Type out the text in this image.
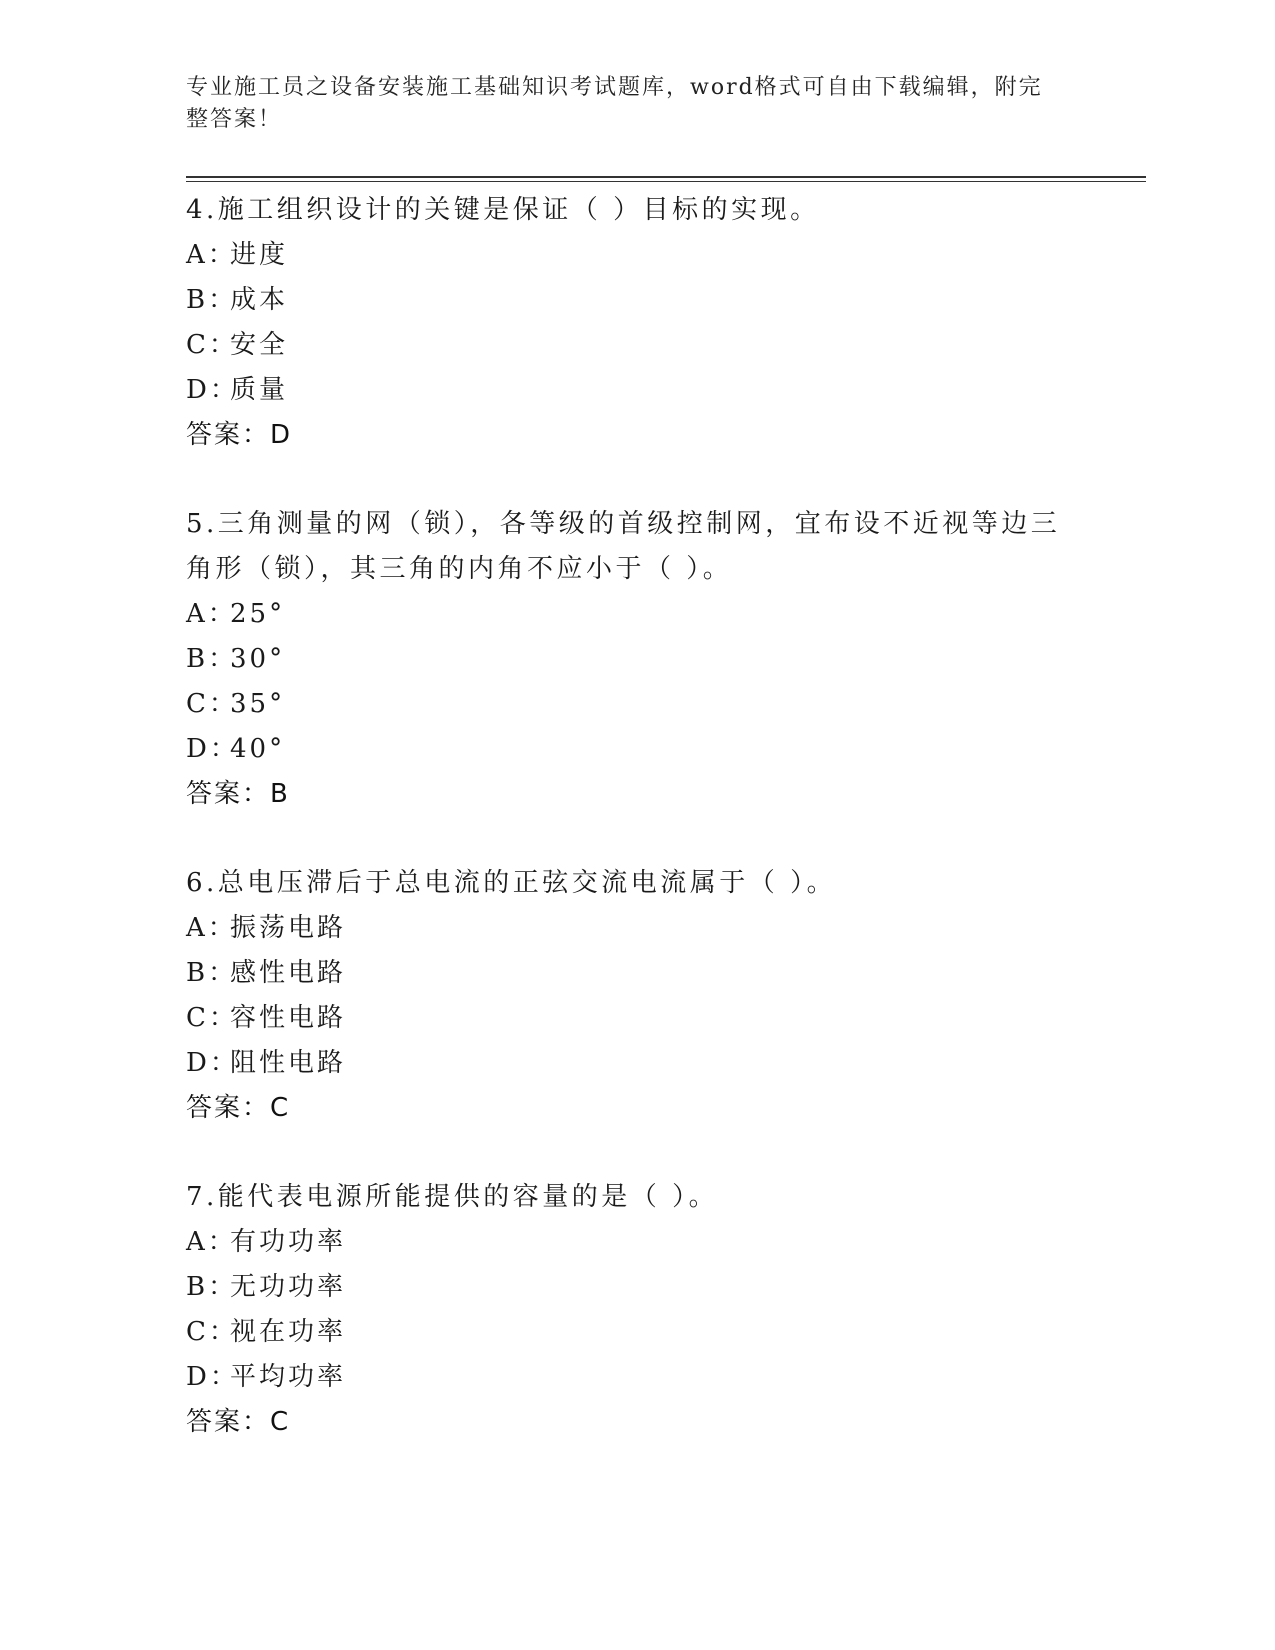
专业施工员之设备安装施工基础知识考试题库，word格式可自由下载编辑，附完整答案！
4.施工组织设计的关键是保证（ ）目标的实现。
A：进度
B：成本
C：安全
D：质量
答案：D
5.三角测量的网（锁），各等级的首级控制网，宜布设不近视等边三角形（锁），其三角的内角不应小于（ ）。
A：25°
B：30°
C：35°
D：40°
答案：B
6.总电压滞后于总电流的正弦交流电流属于（ ）。
A：振荡电路
B：感性电路
C：容性电路
D：阻性电路
答案：C
7.能代表电源所能提供的容量的是（ ）。
A：有功功率
B：无功功率
C：视在功率
D：平均功率
答案：C
